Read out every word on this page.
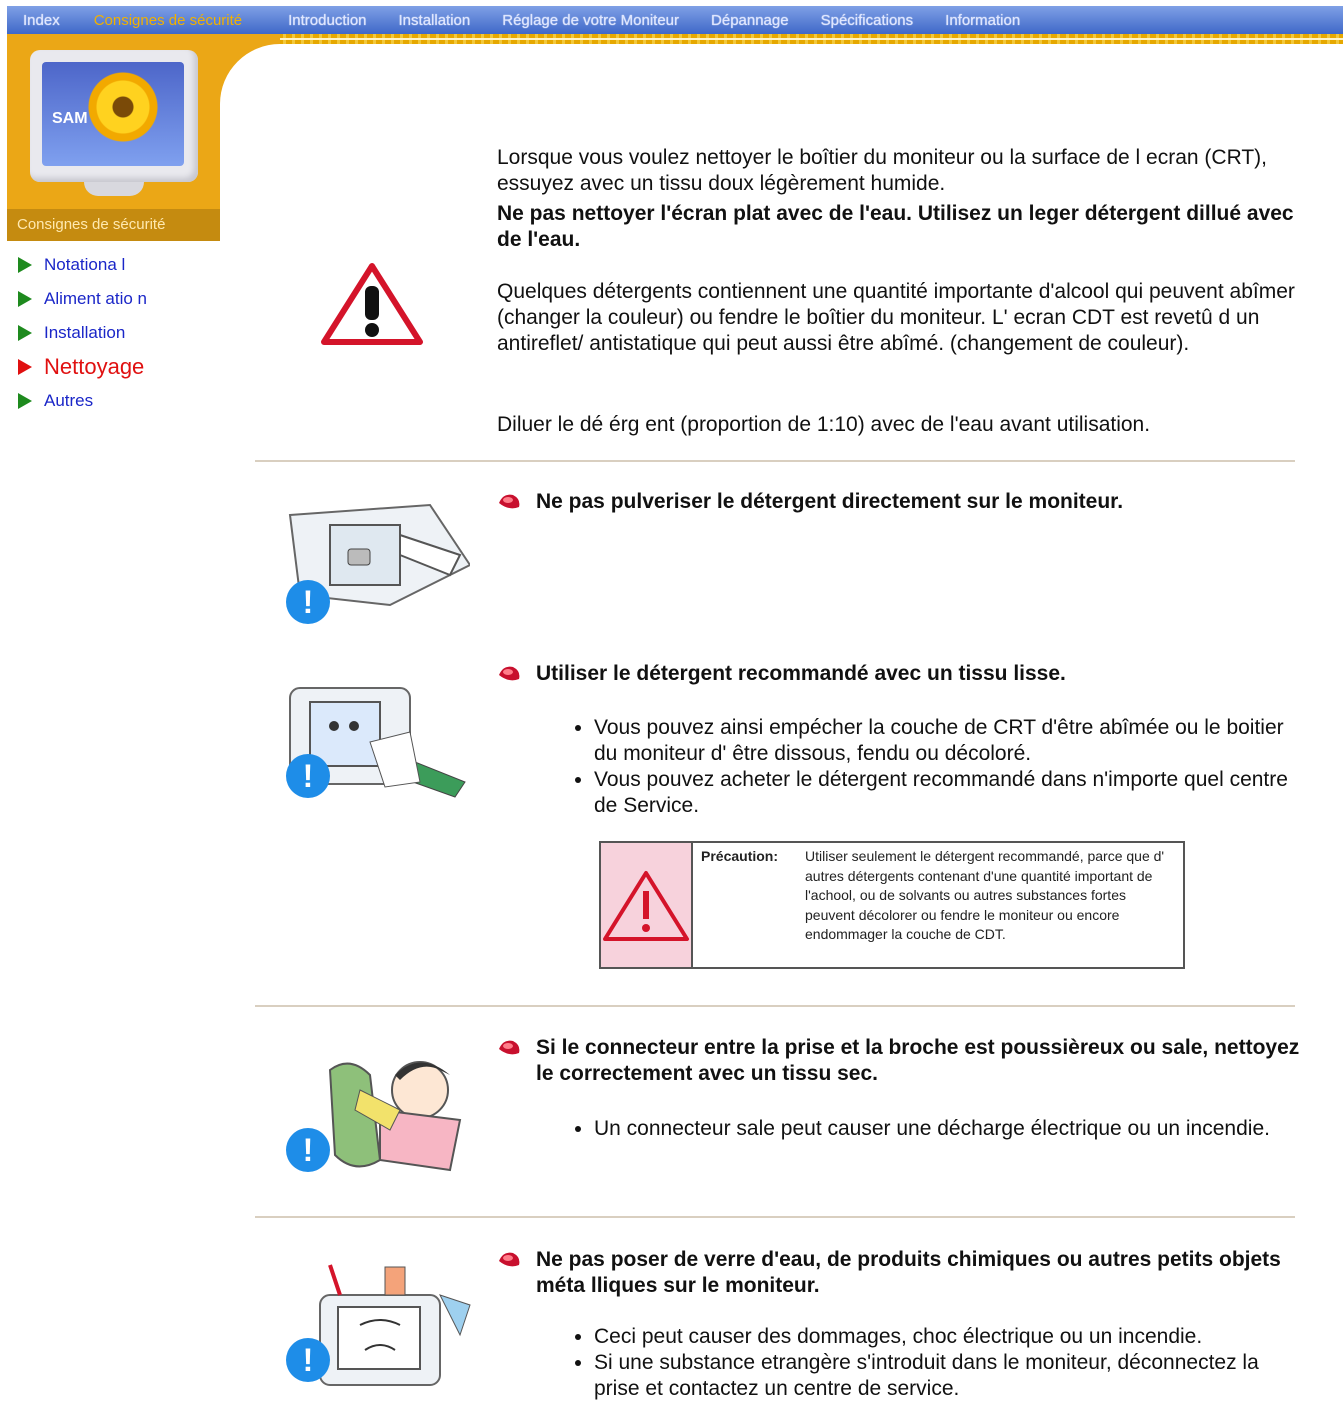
Index	Consignes de sécurité	Introduction	Installation	Réglage de votre Moniteur	Dépannage	Spécifications	Information
SAM
Consignes de sécurité
Notationa l
Aliment atio n
Installation
Nettoyage
Autres
Lorsque vous voulez nettoyer le boîtier du moniteur ou la surface de l ecran (CRT), essuyez avec un tissu doux légèrement humide.
Ne pas nettoyer l'écran plat avec de l'eau. Utilisez un leger détergent dillué avec de l'eau.
Quelques détergents contiennent une quantité importante d'alcool qui peuvent abîmer (changer la couleur) ou fendre le boîtier du moniteur. L' ecran CDT est revetû d un antireflet/ antistatique qui peut aussi être abîmé. (changement de couleur).
Diluer le dé érg ent (proportion de 1:10) avec de l'eau avant utilisation.
!
Ne pas pulveriser le détergent directement sur le moniteur.
!
Utiliser le détergent recommandé avec un tissu lisse.
• Vous pouvez ainsi empécher la couche de CRT d'être abîmée ou le boitier du moniteur d' être dissous, fendu ou décoloré.
• Vous pouvez acheter le détergent recommandé dans n'importe quel centre de Service.
Précaution: Utiliser seulement le détergent recommandé, parce que d' autres détergents contenant d'une quantité important de l'achool, ou de solvants ou autres substances fortes peuvent décolorer ou fendre le moniteur ou encore endommager la couche de CDT.
!
Si le connecteur entre la prise et la broche est poussièreux ou sale, nettoyez le correctement avec un tissu sec.
• Un connecteur sale peut causer une décharge électrique ou un incendie.
!
Ne pas poser de verre d'eau, de produits chimiques ou autres petits objets méta lliques sur le moniteur.
• Ceci peut causer des dommages, choc électrique ou un incendie.
• Si une substance etrangère s'introduit dans le moniteur, déconnectez la prise et contactez un centre de service.
